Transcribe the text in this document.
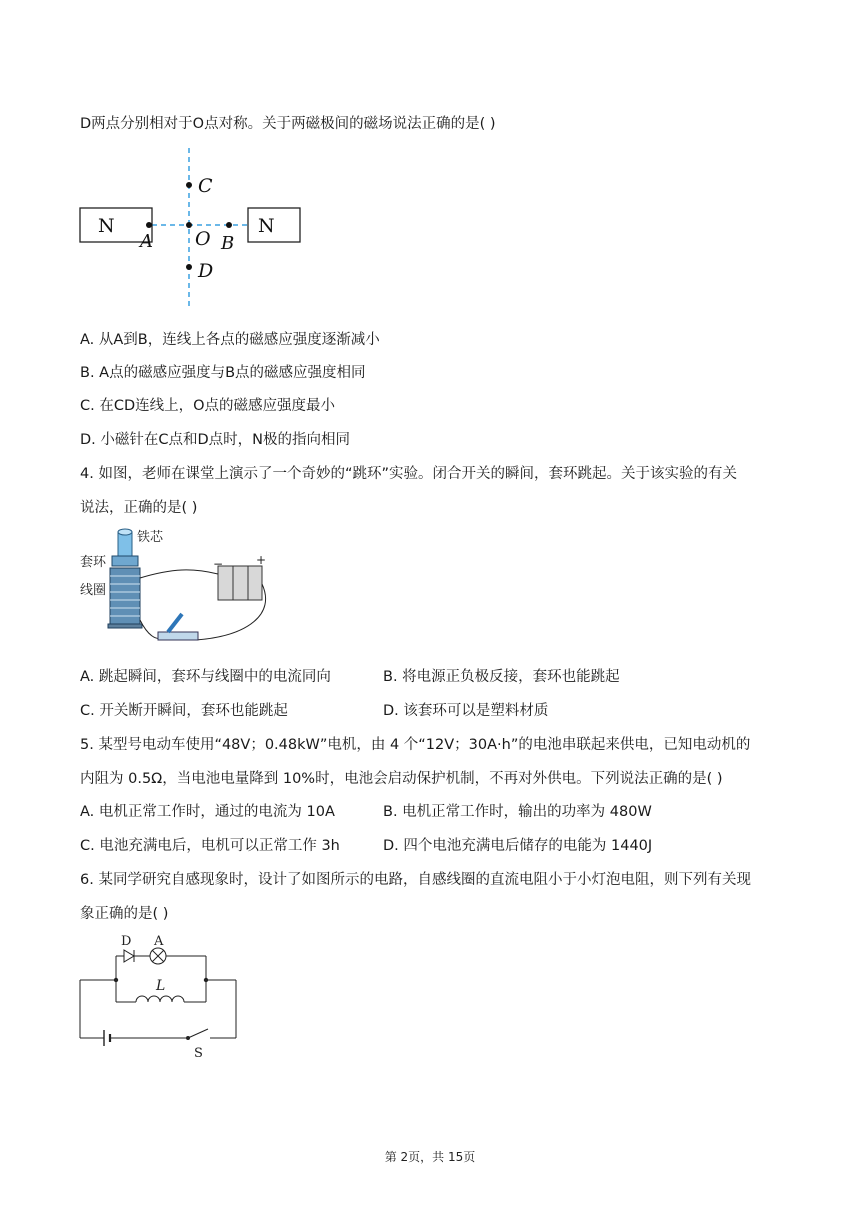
D两点分别相对于O点对称。关于两磁极间的磁场说法正确的是( )
N	N
C
A O B
D
A. 从A到B，连线上各点的磁感应强度逐渐减小
B. A点的磁感应强度与B点的磁感应强度相同
C. 在CD连线上，O点的磁感应强度最小
D. 小磁针在C点和D点时，N极的指向相同
4. 如图，老师在课堂上演示了一个奇妙的“跳环”实验。闭合开关的瞬间，套环跳起。关于该实验的有关
说法，正确的是( )
铁芯
套环
线圈
−	+
A. 跳起瞬间，套环与线圈中的电流同向	B. 将电源正负极反接，套环也能跳起
C. 开关断开瞬间，套环也能跳起	D. 该套环可以是塑料材质
5. 某型号电动车使用“48V；0.48kW”电机，由 4 个“12V；30A·h”的电池串联起来供电，已知电动机的
内阻为 0.5Ω，当电池电量降到 10%时，电池会启动保护机制，不再对外供电。下列说法正确的是( )
A. 电机正常工作时，通过的电流为 10A	B. 电机正常工作时，输出的功率为 480W
C. 电池充满电后，电机可以正常工作 3h	D. 四个电池充满电后储存的电能为 1440J
6. 某同学研究自感现象时，设计了如图所示的电路，自感线圈的直流电阻小于小灯泡电阻，则下列有关现
象正确的是( )
D A
L
S
第 2页，共 15页
